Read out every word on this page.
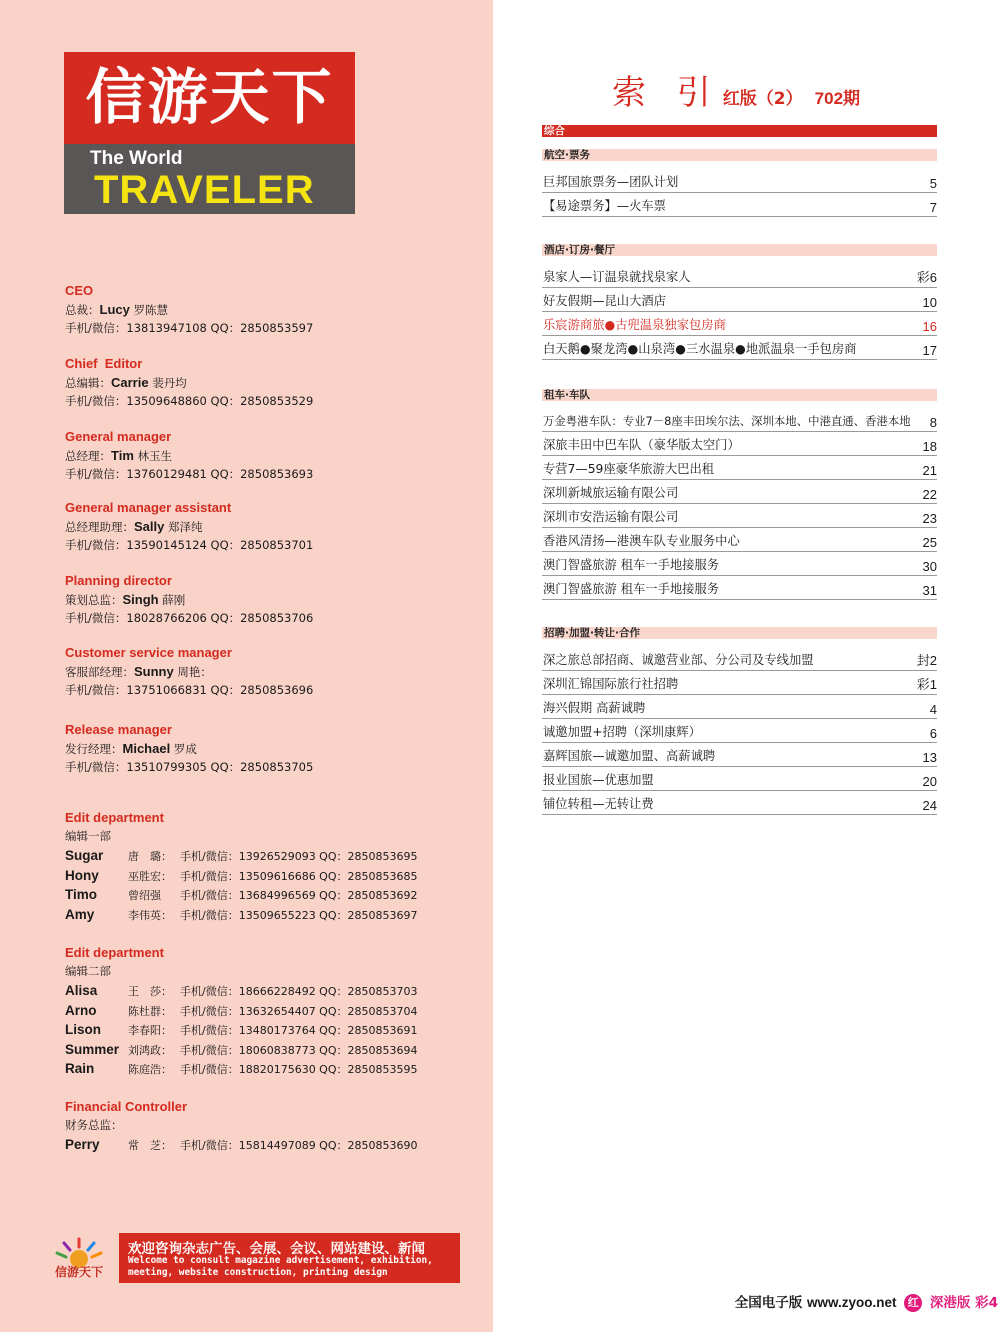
信游天下
The World
TRAVELER
CEO
总裁：Lucy 罗陈慧
手机/微信：13813947108 QQ：2850853597
Chief  Editor
总编辑：Carrie 裴丹均
手机/微信：13509648860 QQ：2850853529
General manager
总经理：Tim 林玉生
手机/微信：13760129481 QQ：2850853693
General manager assistant
总经理助理：Sally 郑泽纯
手机/微信：13590145124 QQ：2850853701
Planning director
策划总监：Singh 薛刚
手机/微信：18028766206 QQ：2850853706
Customer service manager
客服部经理：Sunny 周艳：
手机/微信：13751066831 QQ：2850853696
Release manager
发行经理：Michael 罗成
手机/微信：13510799305 QQ：2850853705
Edit department
编辑一部
Sugar 唐　璐： 手机/微信：13926529093 QQ：2850853695
Hony	巫胜宏： 手机/微信：13509616686 QQ：2850853685
Timo	曾绍强 手机/微信：13684996569 QQ：2850853692
Amy	李伟英： 手机/微信：13509655223 QQ：2850853697
Edit department
编辑二部
Alisa	王　莎： 手机/微信：18666228492 QQ：2850853703
Arno	陈杜群： 手机/微信：13632654407 QQ：2850853704
Lison 李春阳： 手机/微信：13480173764 QQ：2850853691
Summer 刘鸿政： 手机/微信：18060838773 QQ：2850853694
Rain	陈庭浩： 手机/微信：18820175630 QQ：2850853595
Financial Controller
财务总监：
Perry	常　芝： 手机/微信：15814497089 QQ：2850853690
信游天下
欢迎咨询杂志广告、会展、会议、网站建设、新闻
Welcome to consult magazine advertisement, exhibition, meeting, website construction, printing design
索 引 红版（2） 702期
综合
航空·票务
巨邦国旅票务—团队计划	5
【易途票务】—火车票	7
酒店·订房·餐厅
泉家人—订温泉就找泉家人	彩6
好友假期—昆山大酒店	10
乐宸游商旅●古兜温泉独家包房商	16
白天鹅●聚龙湾●山泉湾●三水温泉●地派温泉一手包房商	17
租车·车队
万金粤港车队：专业7－8座丰田埃尔法、深圳本地、中港直通、香港本地 8
深旅丰田中巴车队（豪华版太空门）	18
专营7—59座豪华旅游大巴出租	21
深圳新城旅运输有限公司	22
深圳市安浩运输有限公司	23
香港风清扬—港澳车队专业服务中心	25
澳门智盛旅游 租车一手地接服务	30
澳门智盛旅游 租车一手地接服务	31
招聘·加盟·转让·合作
深之旅总部招商、诚邀营业部、分公司及专线加盟	封2
深圳汇锦国际旅行社招聘	彩1
海兴假期 高薪诚聘	4
诚邀加盟+招聘（深圳康辉）	6
嘉辉国旅—诚邀加盟、高薪诚聘	13
报业国旅—优惠加盟	20
铺位转租—无转让费	24
全国电子版 www.zyoo.net 红 深港版 彩4
